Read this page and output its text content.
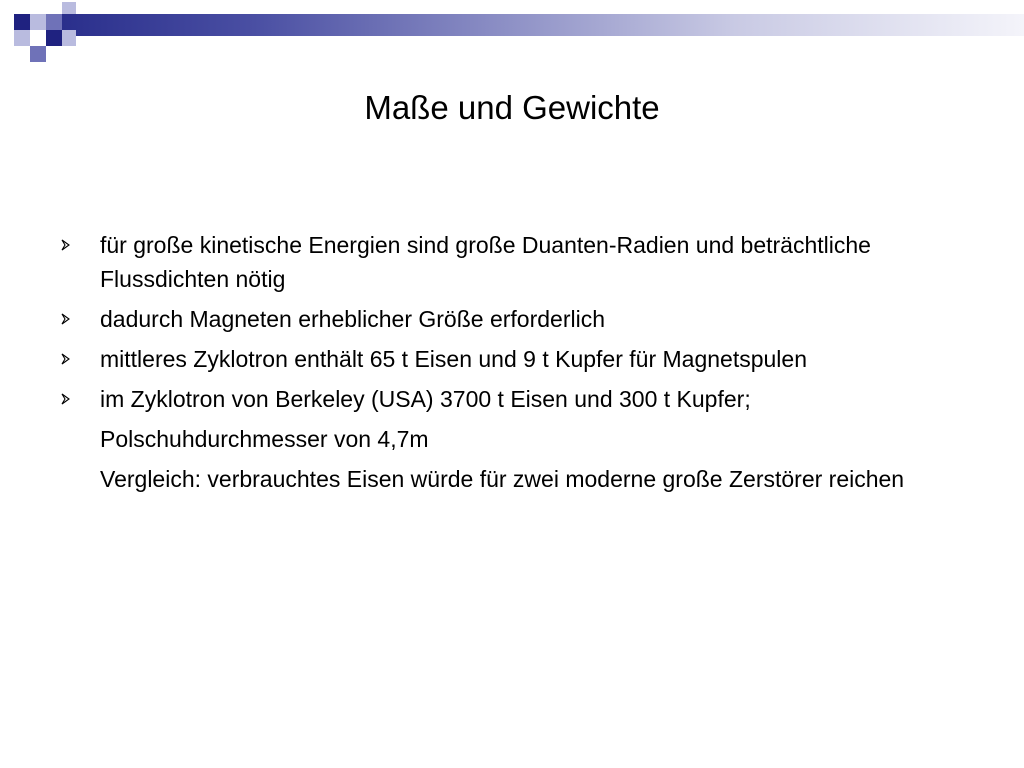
Maße und Gewichte
für große kinetische Energien sind große Duanten-Radien und beträchtliche Flussdichten nötig
dadurch Magneten erheblicher Größe erforderlich
mittleres Zyklotron enthält 65 t Eisen und 9 t Kupfer für Magnetspulen
im Zyklotron von Berkeley (USA) 3700 t Eisen und 300 t Kupfer;
Polschuhdurchmesser von 4,7m
Vergleich: verbrauchtes Eisen würde für zwei moderne große Zerstörer reichen
